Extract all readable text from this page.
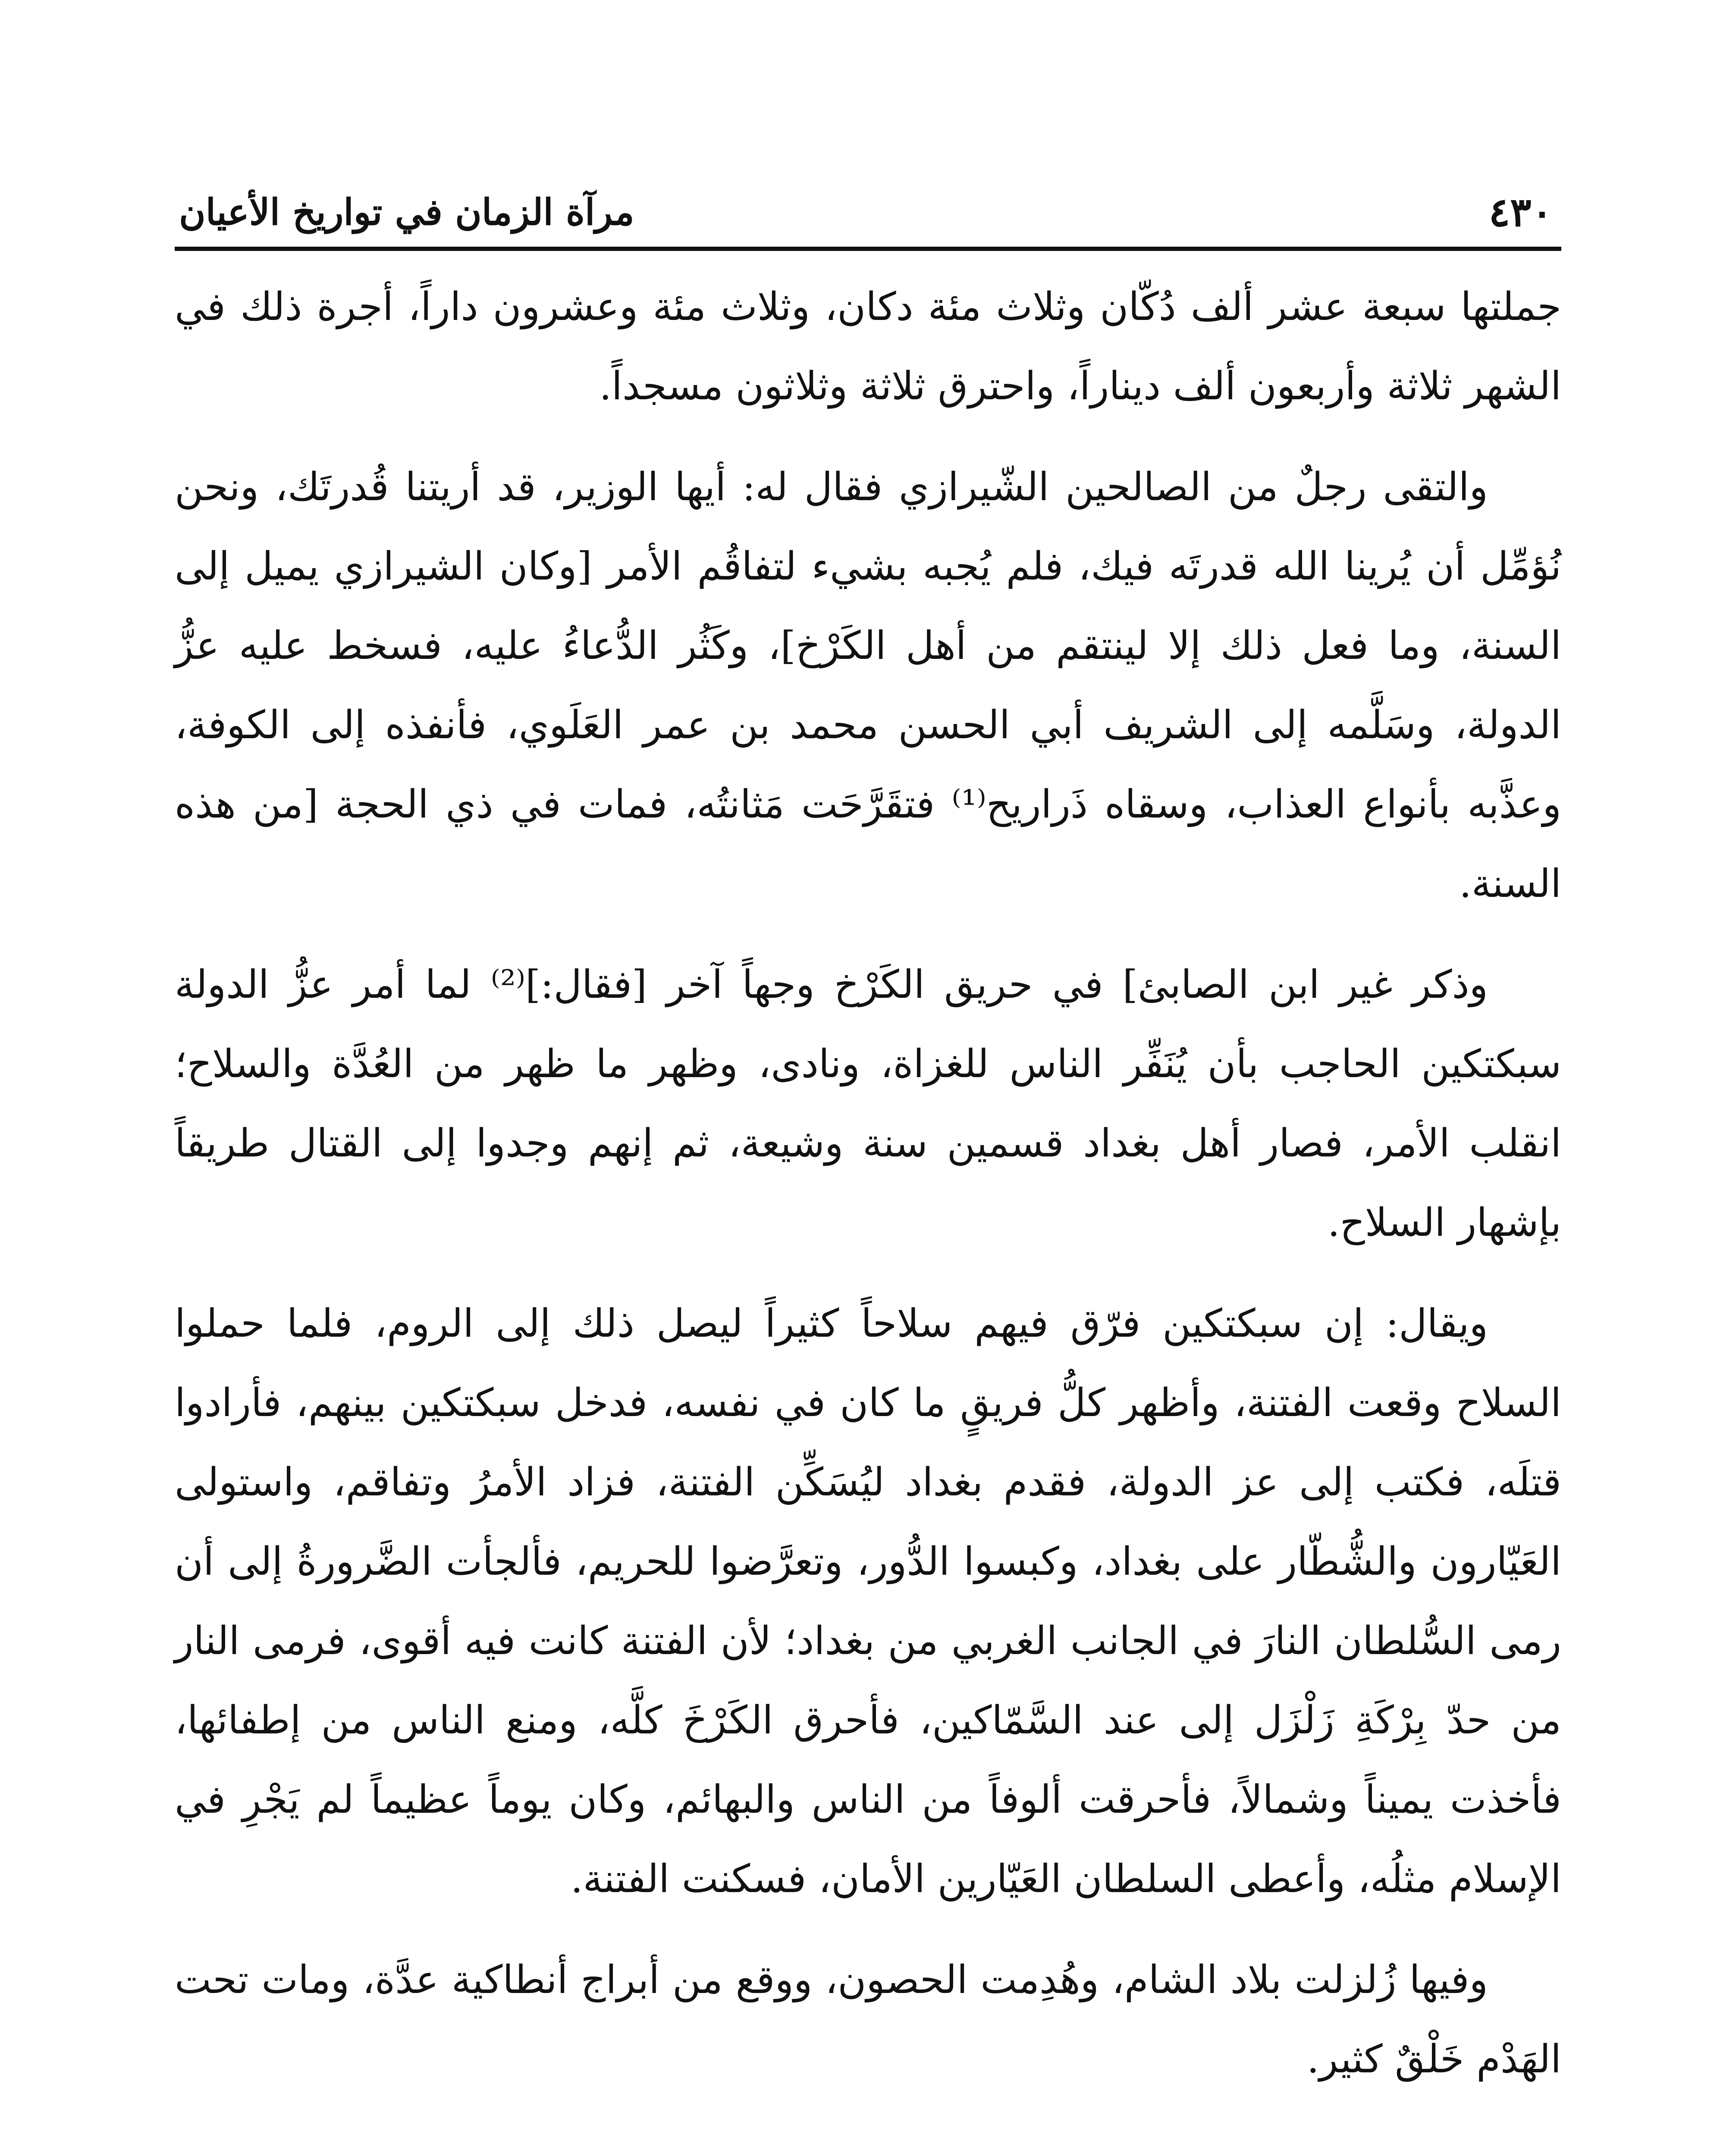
٤٣٠
مرآة الزمان في تواريخ الأعيان

جملتها سبعة عشر ألف دُكّان وثلاث مئة دكان، وثلاث مئة وعشرون داراً، أجرة ذلك في الشهر ثلاثة وأربعون ألف ديناراً، واحترق ثلاثة وثلاثون مسجداً.

والتقى رجلٌ من الصالحين الشّيرازي فقال له: أيها الوزير، قد أريتنا قُدرتَك، ونحن نُؤمِّل أن يُرينا الله قدرتَه فيك، فلم يُجبه بشيء لتفاقُم الأمر [وكان الشيرازي يميل إلى السنة، وما فعل ذلك إلا لينتقم من أهل الكَرْخ]، وكَثُر الدُّعاءُ عليه، فسخط عليه عزُّ الدولة، وسَلَّمه إلى الشريف أبي الحسن محمد بن عمر العَلَوي، فأنفذه إلى الكوفة، وعذَّبه بأنواع العذاب، وسقاه ذَراريح⁽¹⁾ فتقَرَّحَت مَثانتُه، فمات في ذي الحجة [من هذه السنة.

وذكر غير ابن الصابئ] في حريق الكَرْخ وجهاً آخر [فقال:]⁽²⁾ لما أمر عزُّ الدولة سبكتكين الحاجب بأن يُنَفِّر الناس للغزاة، ونادى، وظهر ما ظهر من العُدَّة والسلاح؛ انقلب الأمر، فصار أهل بغداد قسمين سنة وشيعة، ثم إنهم وجدوا إلى القتال طريقاً بإشهار السلاح.

ويقال: إن سبكتكين فرّق فيهم سلاحاً كثيراً ليصل ذلك إلى الروم، فلما حملوا السلاح وقعت الفتنة، وأظهر كلُّ فريقٍ ما كان في نفسه، فدخل سبكتكين بينهم، فأرادوا قتلَه، فكتب إلى عز الدولة، فقدم بغداد ليُسَكِّن الفتنة، فزاد الأمرُ وتفاقم، واستولى العَيّارون والشُّطّار على بغداد، وكبسوا الدُّور، وتعرَّضوا للحريم، فألجأت الضَّرورةُ إلى أن رمى السُّلطان النارَ في الجانب الغربي من بغداد؛ لأن الفتنة كانت فيه أقوى، فرمى النار من حدّ بِرْكَةِ زَلْزَل إلى عند السَّمّاكين، فأحرق الكَرْخَ كلَّه، ومنع الناس من إطفائها، فأخذت يميناً وشمالاً، فأحرقت ألوفاً من الناس والبهائم، وكان يوماً عظيماً لم يَجْرِ في الإسلام مثلُه، وأعطى السلطان العَيّارين الأمان، فسكنت الفتنة.

وفيها زُلزلت بلاد الشام، وهُدِمت الحصون، ووقع من أبراج أنطاكية عدَّة، ومات تحت الهَدْم خَلْقٌ كثير.
